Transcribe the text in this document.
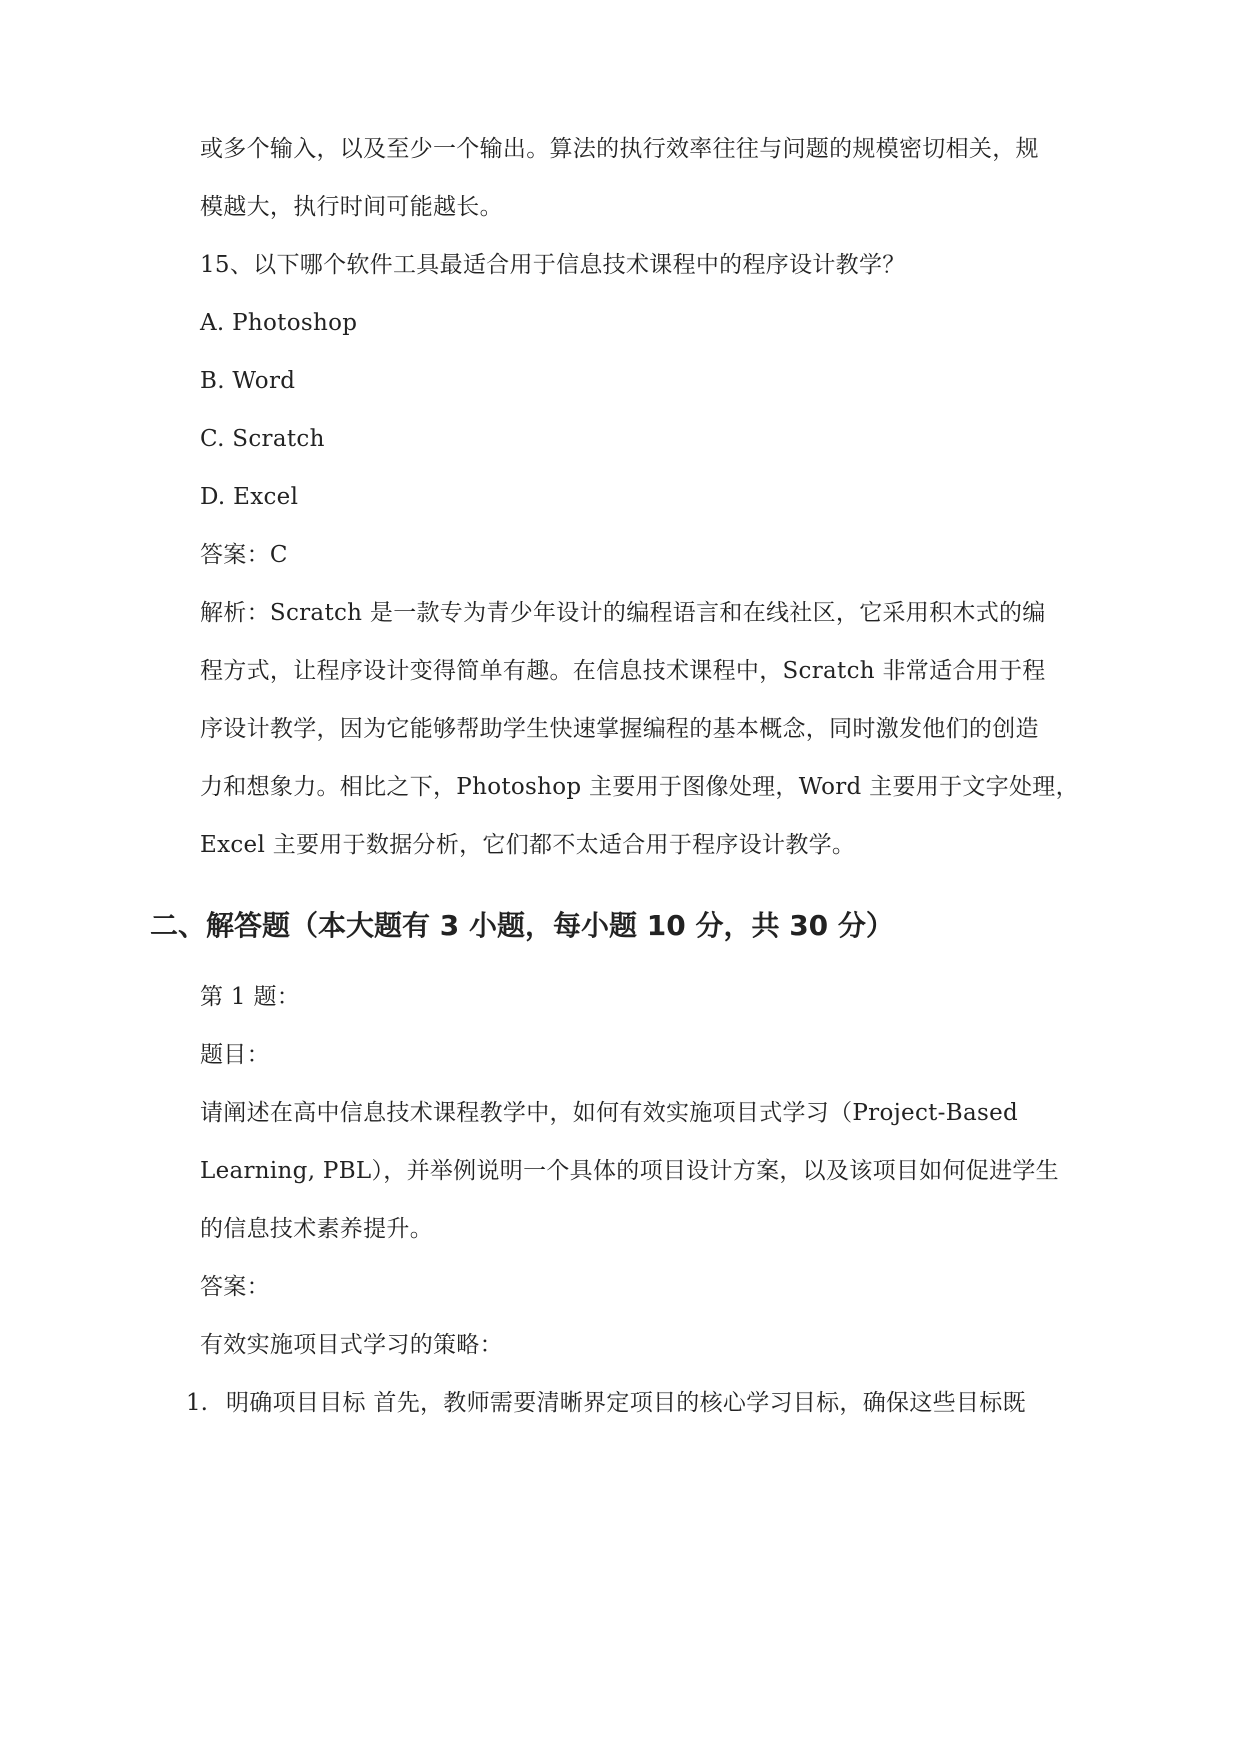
或多个输入，以及至少一个输出。算法的执行效率往往与问题的规模密切相关，规
模越大，执行时间可能越长。
15、以下哪个软件工具最适合用于信息技术课程中的程序设计教学？
A. Photoshop
B. Word
C. Scratch
D. Excel
答案：C
解析：Scratch 是一款专为青少年设计的编程语言和在线社区，它采用积木式的编
程方式，让程序设计变得简单有趣。在信息技术课程中，Scratch 非常适合用于程
序设计教学，因为它能够帮助学生快速掌握编程的基本概念，同时激发他们的创造
力和想象力。相比之下，Photoshop 主要用于图像处理，Word 主要用于文字处理，
Excel 主要用于数据分析，它们都不太适合用于程序设计教学。
二、解答题（本大题有 3 小题，每小题 10 分，共 30 分）
第 1 题：
题目：
请阐述在高中信息技术课程教学中，如何有效实施项目式学习（Project-Based
Learning, PBL），并举例说明一个具体的项目设计方案，以及该项目如何促进学生
的信息技术素养提升。
答案：
有效实施项目式学习的策略：
1. 明确项目目标 首先，教师需要清晰界定项目的核心学习目标，确保这些目标既
